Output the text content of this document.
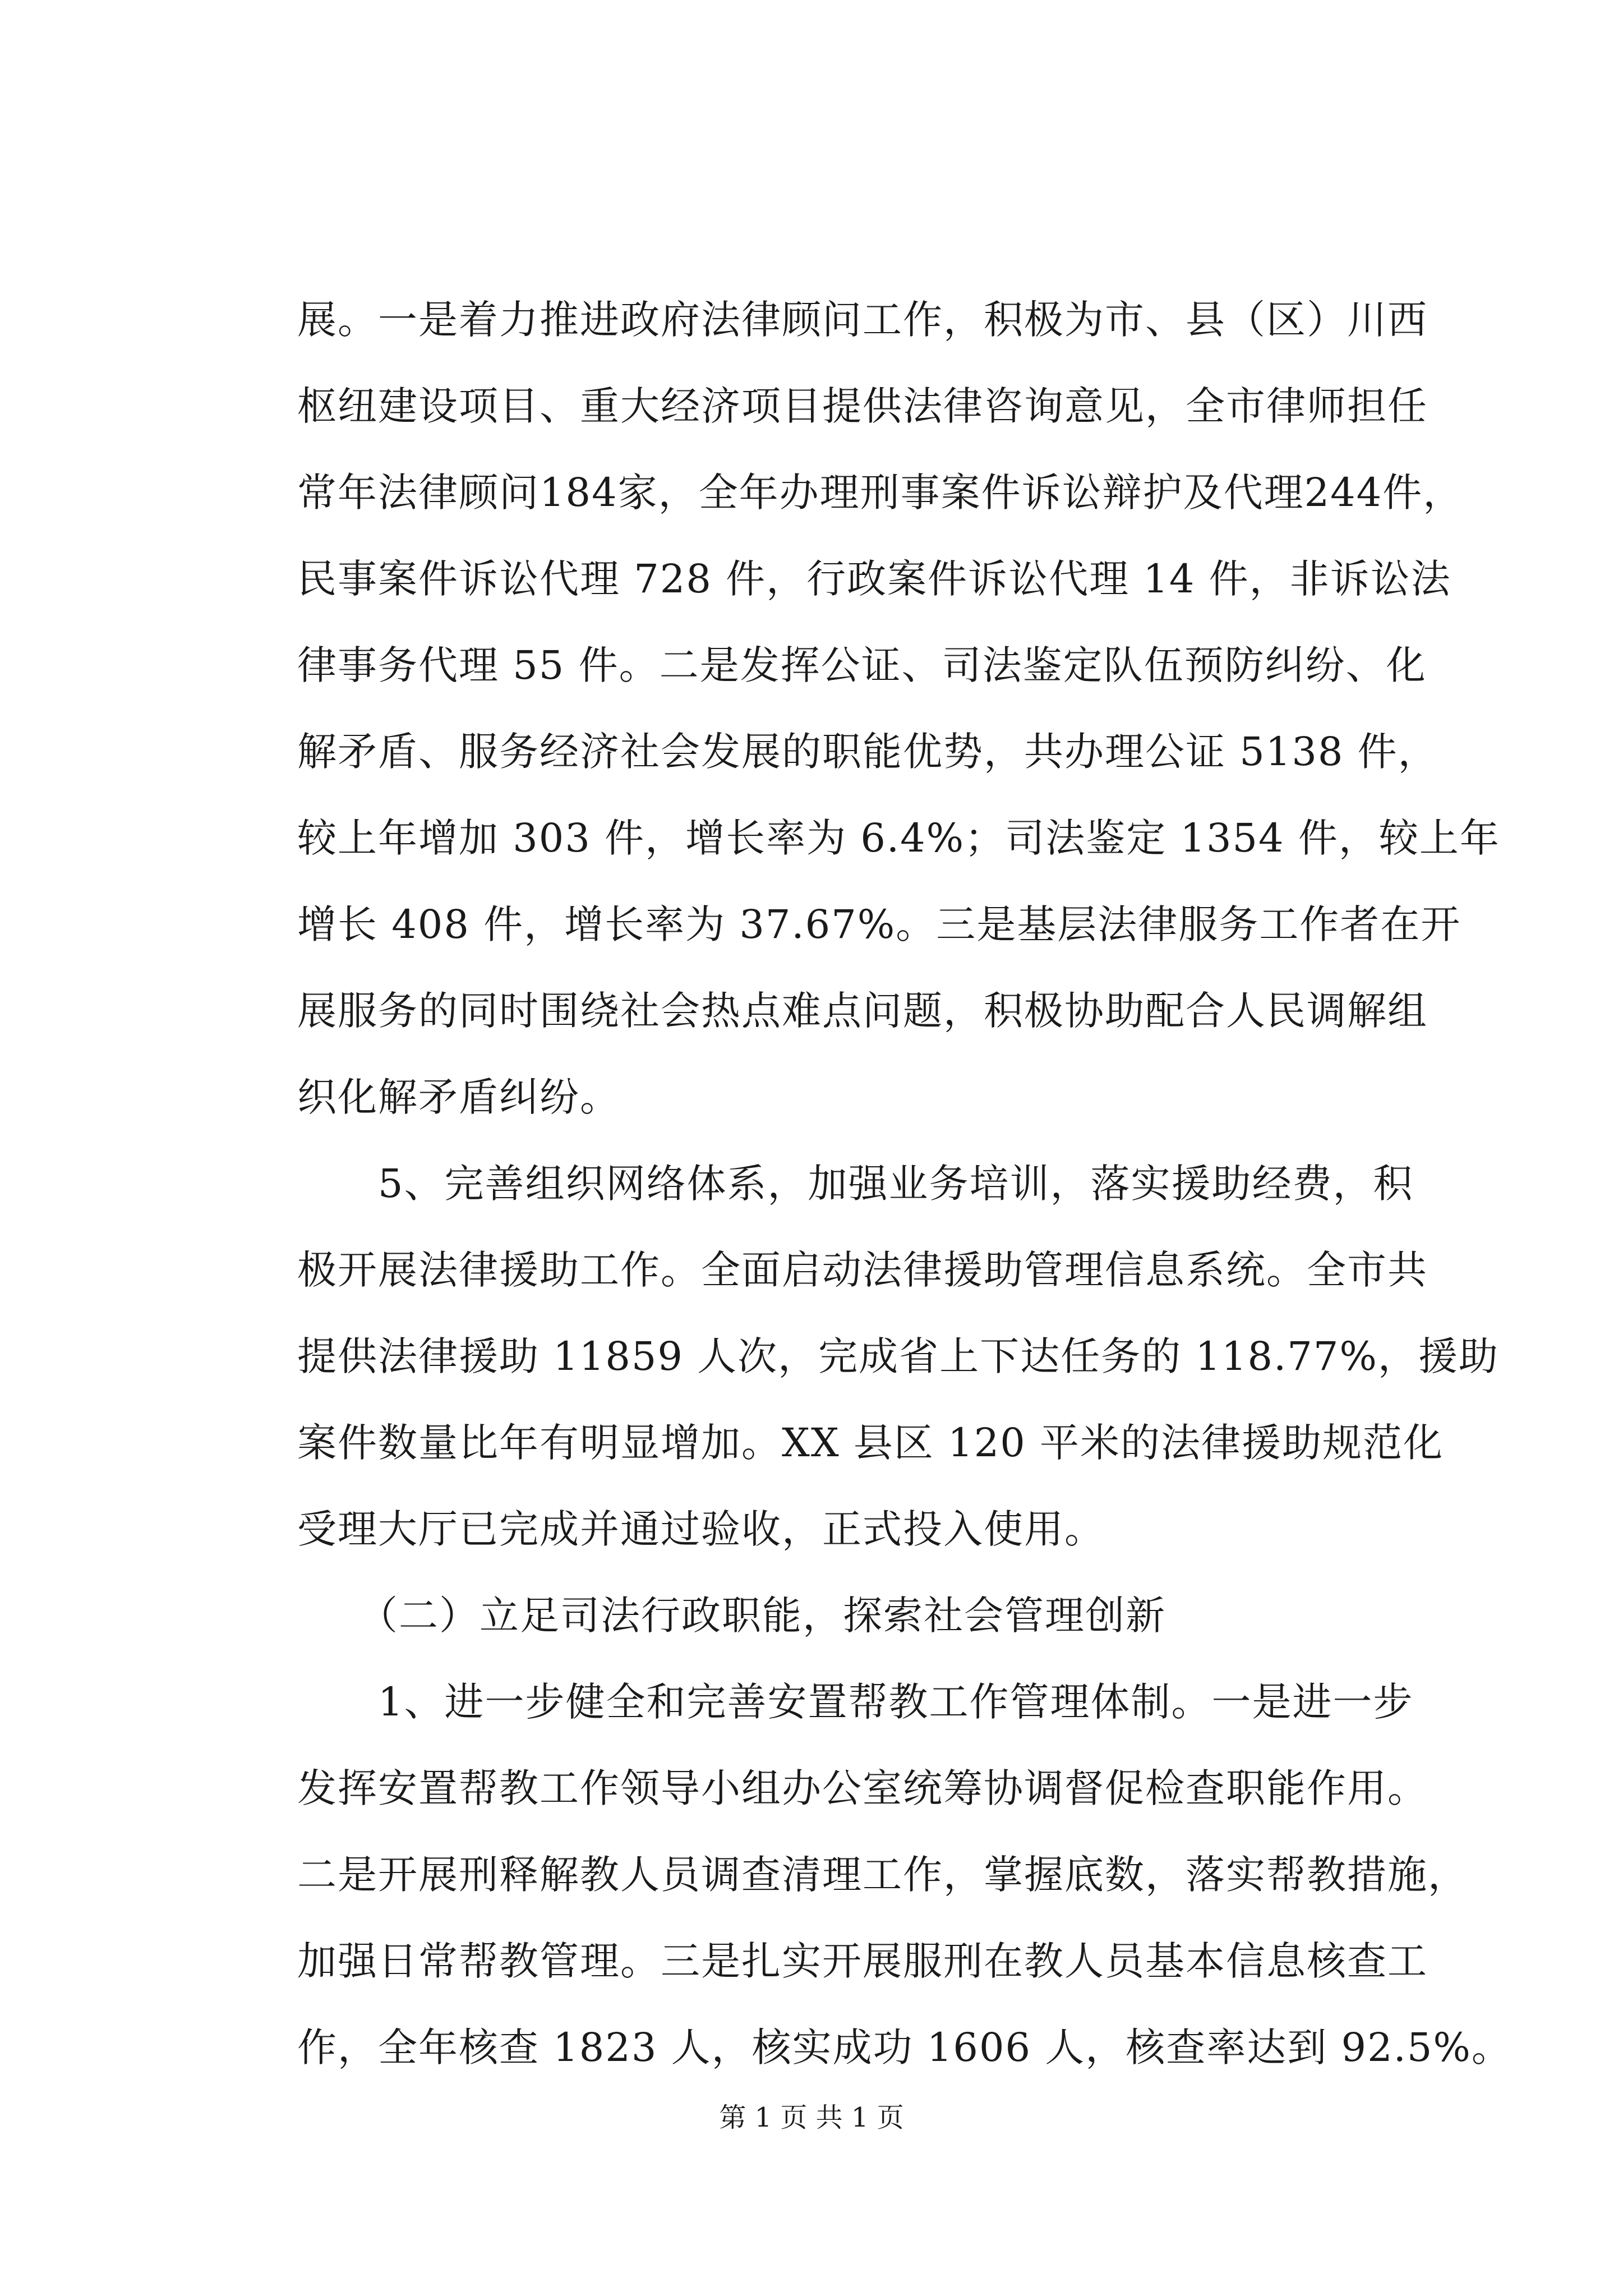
展。一是着力推进政府法律顾问工作，积极为市、县（区）川西
枢纽建设项目、重大经济项目提供法律咨询意见，全市律师担任
常年法律顾问184家，全年办理刑事案件诉讼辩护及代理244件，
民事案件诉讼代理 728 件，行政案件诉讼代理 14 件，非诉讼法
律事务代理 55 件。二是发挥公证、司法鉴定队伍预防纠纷、化
解矛盾、服务经济社会发展的职能优势，共办理公证 5138 件，
较上年增加 303 件，增长率为 6.4%；司法鉴定 1354 件，较上年
增长 408 件，增长率为 37.67%。三是基层法律服务工作者在开
展服务的同时围绕社会热点难点问题，积极协助配合人民调解组
织化解矛盾纠纷。
　　5、完善组织网络体系，加强业务培训，落实援助经费，积
极开展法律援助工作。全面启动法律援助管理信息系统。全市共
提供法律援助 11859 人次，完成省上下达任务的 118.77%，援助
案件数量比年有明显增加。XX 县区 120 平米的法律援助规范化
受理大厅已完成并通过验收，正式投入使用。
　　（二）立足司法行政职能，探索社会管理创新
　　1、进一步健全和完善安置帮教工作管理体制。一是进一步
发挥安置帮教工作领导小组办公室统筹协调督促检查职能作用。
二是开展刑释解教人员调查清理工作，掌握底数，落实帮教措施，
加强日常帮教管理。三是扎实开展服刑在教人员基本信息核查工
作，全年核查 1823 人，核实成功 1606 人，核查率达到 92.5%。
第 1 页 共 1 页
